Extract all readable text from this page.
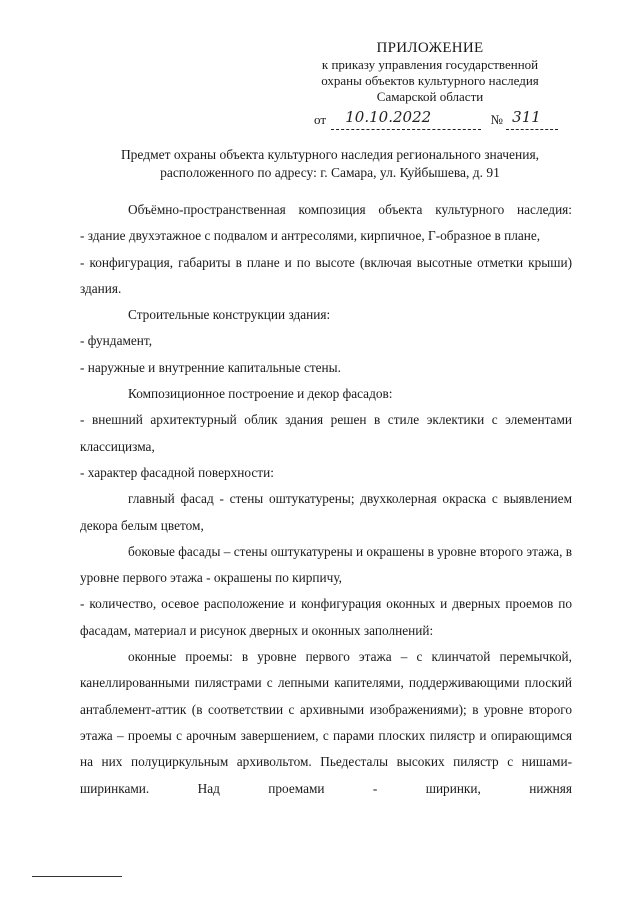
ПРИЛОЖЕНИЕ
к приказу управления государственной
охраны объектов культурного наследия
Самарской области
от 10.10.2022	№ 311
Предмет охраны объекта культурного наследия регионального значения,
расположенного по адресу: г. Самара, ул. Куйбышева, д. 91

Объёмно-пространственная композиция объекта культурного наследия:

- здание двухэтажное с подвалом и антресолями, кирпичное, Г-образное в плане,

- конфигурация, габариты в плане и по высоте (включая высотные отметки крыши) здания.

Строительные конструкции здания:

- фундамент,

- наружные и внутренние капитальные стены.

Композиционное построение и декор фасадов:

- внешний архитектурный облик здания решен в стиле эклектики с элементами классицизма,

- характер фасадной поверхности:

главный фасад - стены оштукатурены; двухколерная окраска с выявлением декора белым цветом,

боковые фасады – стены оштукатурены и окрашены в уровне второго этажа, в уровне первого этажа - окрашены по кирпичу,

- количество, осевое расположение и конфигурация оконных и дверных проемов по фасадам, материал и рисунок дверных и оконных заполнений:

оконные проемы: в уровне первого этажа – с клинчатой перемычкой, канеллированными пилястрами с лепными капителями, поддерживающими плоский антаблемент-аттик (в соответствии с архивными изображениями); в уровне второго этажа – проемы с арочным завершением, с парами плоских пилястр и опирающимся на них полуциркульным архивольтом. Пьедесталы высоких пилястр с нишами-ширинками. Над проемами - ширинки, нижняя
